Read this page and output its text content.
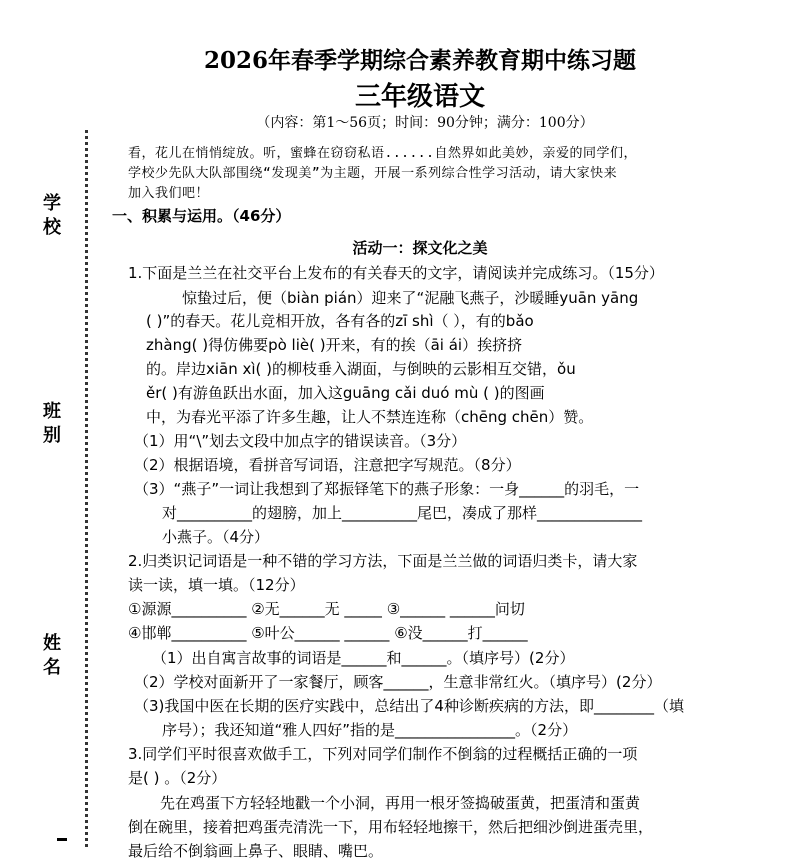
2026年春季学期综合素养教育期中练习题
三年级语文
（内容：第1～56页；时间：90分钟；满分：100分）
看，花儿在悄悄绽放。听，蜜蜂在窃窃私语......自然界如此美妙，亲爱的同学们，
学校少先队大队部围绕“发现美”为主题，开展一系列综合性学习活动，请大家快来
加入我们吧！
学校
班别
姓名
一、积累与运用。（46分）
活动一：探文化之美
1.下面是兰兰在社交平台上发布的有关春天的文字，请阅读并完成练习。（15分）
惊蛰过后，便（biàn pián）迎来了“泥融飞燕子，沙暖睡yuān yāng
( )”的春天。花儿竞相开放，各有各的zī shì（ ），有的bǎo
zhàng( )得仿佛要pò liè( )开来，有的挨（āi ái）挨挤挤
的。岸边xiān xì( )的柳枝垂入湖面，与倒映的云影相互交错，ǒu
ěr( )有游鱼跃出水面，加入这guāng cǎi duó mù ( )的图画
中，为春光平添了许多生趣，让人不禁连连称（chēng chēn）赞。
（1）用“\”划去文段中加点字的错误读音。（3分）
（2）根据语境，看拼音写词语，注意把字写规范。（8分）
（3）“燕子”一词让我想到了郑振铎笔下的燕子形象：一身______的羽毛，一
对__________的翅膀，加上__________尾巴，凑成了那样______________
小燕子。（4分）
2.归类识记词语是一种不错的学习方法，下面是兰兰做的词语归类卡，请大家
读一读，填一填。（12分）
①源源__________ ②无______无 _____ ③______ ______问切
④邯郸__________ ⑤叶公______ ______ ⑥没______打______
（1）出自寓言故事的词语是______和______。（填序号）(2分）
（2）学校对面新开了一家餐厅，顾客______，生意非常红火。（填序号）(2分）
（3)我国中医在长期的医疗实践中，总结出了4种诊断疾病的方法，即________（填
序号）；我还知道“雅人四好”指的是________________。（2分）
3.同学们平时很喜欢做手工，下列对同学们制作不倒翁的过程概括正确的一项
是( ) 。（2分）
先在鸡蛋下方轻轻地戳一个小洞，再用一根牙签捣破蛋黄，把蛋清和蛋黄
倒在碗里，接着把鸡蛋壳清洗一下，用布轻轻地擦干，然后把细沙倒进蛋壳里，
最后给不倒翁画上鼻子、眼睛、嘴巴。
